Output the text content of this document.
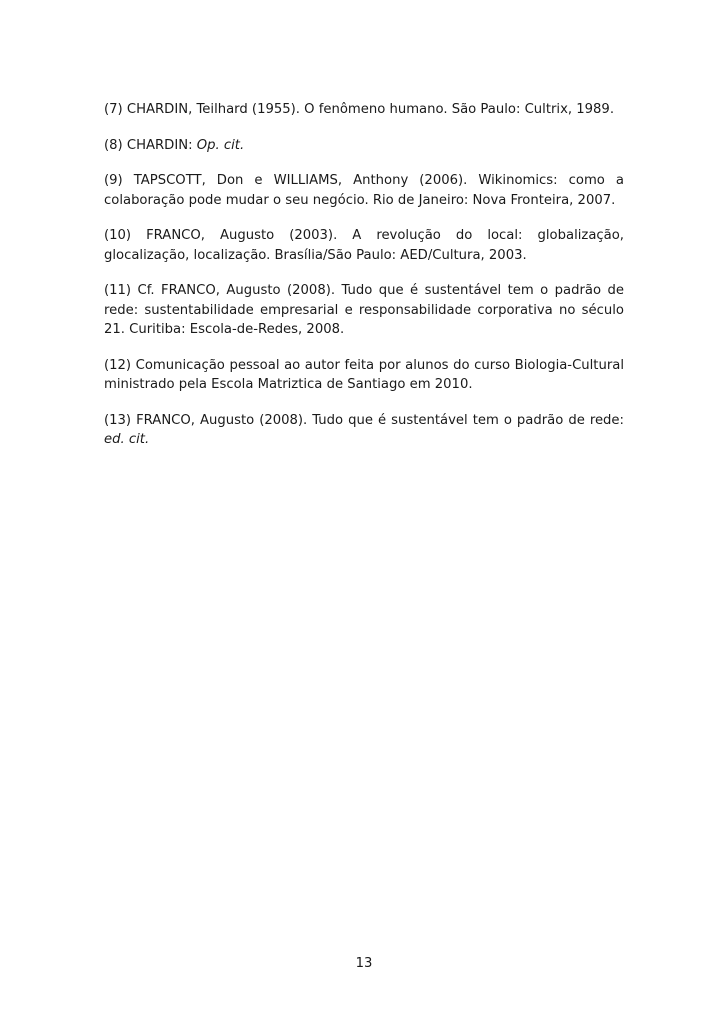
(7) CHARDIN, Teilhard (1955). O fenômeno humano. São Paulo: Cultrix, 1989.

(8) CHARDIN: Op. cit.

(9) TAPSCOTT, Don e WILLIAMS, Anthony (2006). Wikinomics: como a colaboração pode mudar o seu negócio. Rio de Janeiro: Nova Fronteira, 2007.

(10) FRANCO, Augusto (2003). A revolução do local: globalização, glocalização, localização. Brasília/São Paulo: AED/Cultura, 2003.

(11) Cf. FRANCO, Augusto (2008). Tudo que é sustentável tem o padrão de rede: sustentabilidade empresarial e responsabilidade corporativa no século 21. Curitiba: Escola-de-Redes, 2008.

(12) Comunicação pessoal ao autor feita por alunos do curso Biologia-Cultural ministrado pela Escola Matriztica de Santiago em 2010.

(13) FRANCO, Augusto (2008). Tudo que é sustentável tem o padrão de rede: ed. cit.

13
